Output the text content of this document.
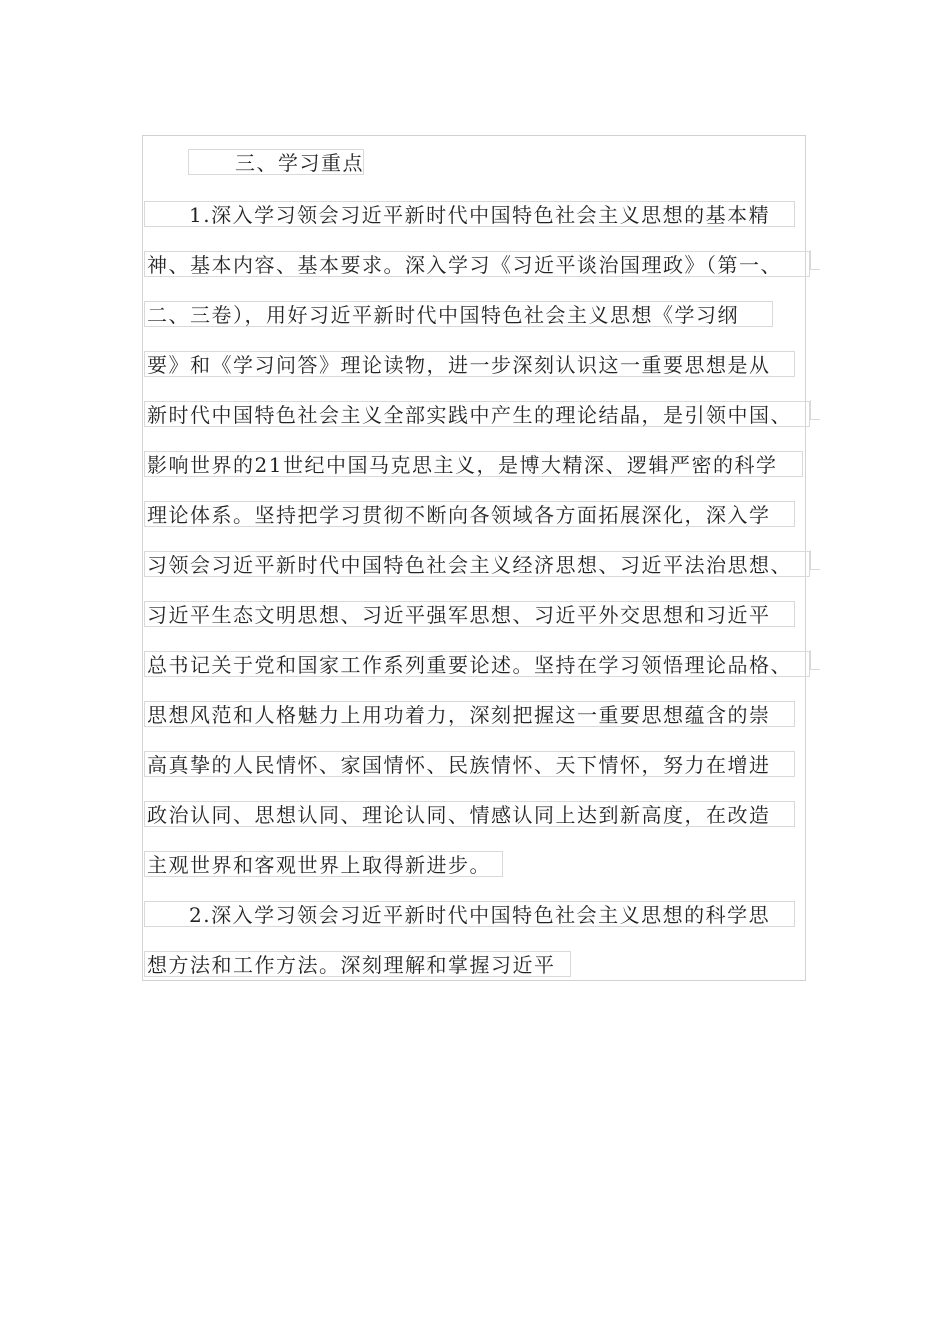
三、学习重点
1.深入学习领会习近平新时代中国特色社会主义思想的基本精
神、基本内容、基本要求。深入学习《习近平谈治国理政》（第一、
二、三卷），用好习近平新时代中国特色社会主义思想《学习纲
要》和《学习问答》理论读物，进一步深刻认识这一重要思想是从
新时代中国特色社会主义全部实践中产生的理论结晶，是引领中国、
影响世界的21世纪中国马克思主义，是博大精深、逻辑严密的科学
理论体系。坚持把学习贯彻不断向各领域各方面拓展深化，深入学
习领会习近平新时代中国特色社会主义经济思想、习近平法治思想、
习近平生态文明思想、习近平强军思想、习近平外交思想和习近平
总书记关于党和国家工作系列重要论述。坚持在学习领悟理论品格、
思想风范和人格魅力上用功着力，深刻把握这一重要思想蕴含的崇
高真挚的人民情怀、家国情怀、民族情怀、天下情怀，努力在增进
政治认同、思想认同、理论认同、情感认同上达到新高度，在改造
主观世界和客观世界上取得新进步。
2.深入学习领会习近平新时代中国特色社会主义思想的科学思
想方法和工作方法。深刻理解和掌握习近平
